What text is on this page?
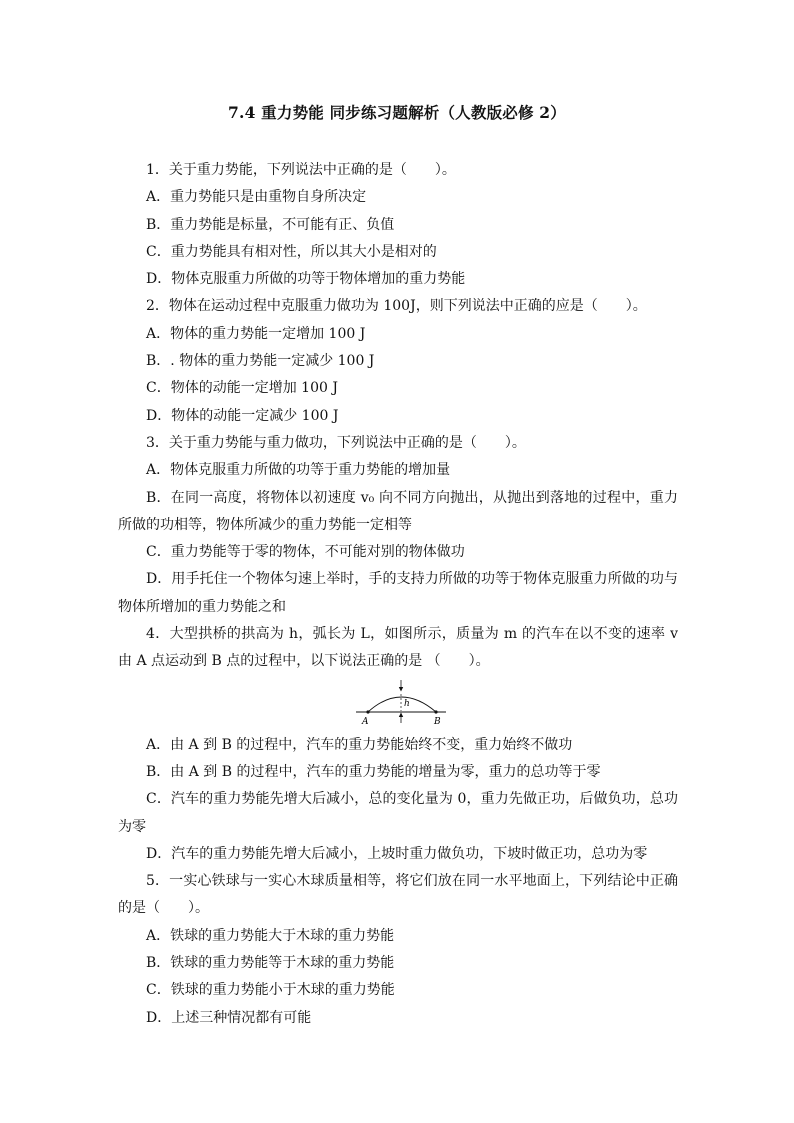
7.4 重力势能 同步练习题解析（人教版必修 2）
1．关于重力势能，下列说法中正确的是（　　）。
A．重力势能只是由重物自身所决定
B．重力势能是标量，不可能有正、负值
C．重力势能具有相对性，所以其大小是相对的
D．物体克服重力所做的功等于物体增加的重力势能
2．物体在运动过程中克服重力做功为 100J，则下列说法中正确的应是（　　）。
A．物体的重力势能一定增加 100 J
B．. 物体的重力势能一定减少 100 J
C．物体的动能一定增加 100 J
D．物体的动能一定减少 100 J
3．关于重力势能与重力做功，下列说法中正确的是（　　）。
A．物体克服重力所做的功等于重力势能的增加量
B．在同一高度，将物体以初速度 v₀ 向不同方向抛出，从抛出到落地的过程中，重力所做的功相等，物体所减少的重力势能一定相等
C．重力势能等于零的物体，不可能对别的物体做功
D．用手托住一个物体匀速上举时，手的支持力所做的功等于物体克服重力所做的功与物体所增加的重力势能之和
4．大型拱桥的拱高为 h，弧长为 L，如图所示，质量为 m 的汽车在以不变的速率 v 由 A 点运动到 B 点的过程中，以下说法正确的是 （　　）。
h
A	B
A．由 A 到 B 的过程中，汽车的重力势能始终不变，重力始终不做功
B．由 A 到 B 的过程中，汽车的重力势能的增量为零，重力的总功等于零
C．汽车的重力势能先增大后减小，总的变化量为 0，重力先做正功，后做负功，总功为零
D．汽车的重力势能先增大后减小，上坡时重力做负功，下坡时做正功，总功为零
5．一实心铁球与一实心木球质量相等，将它们放在同一水平地面上，下列结论中正确的是（　　）。
A．铁球的重力势能大于木球的重力势能
B．铁球的重力势能等于木球的重力势能
C．铁球的重力势能小于木球的重力势能
D．上述三种情况都有可能
